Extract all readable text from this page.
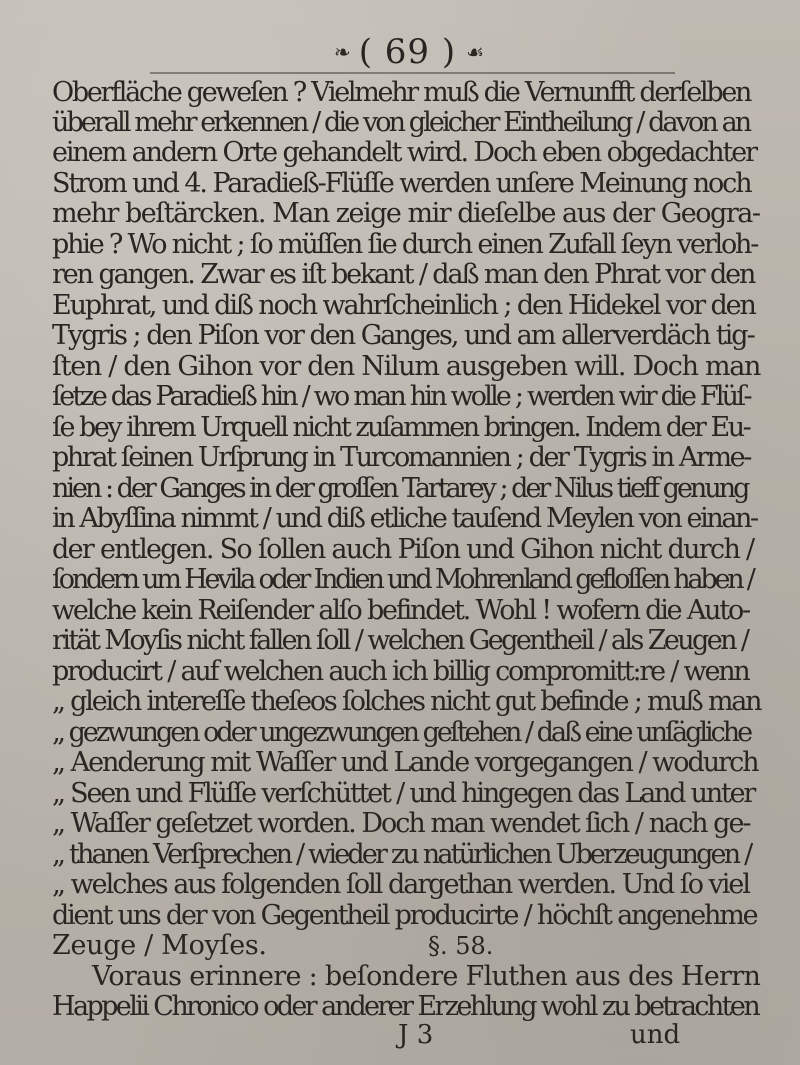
❧ ( 69 ) ☙
Oberfläche geweſen ? Vielmehr muß die Vernunfft derſelben
überall mehr erkennen / die von gleicher Eintheilung / davon an
einem andern Orte gehandelt wird. Doch eben obgedachter
Strom und 4. Paradieß-Flüſſe werden unſere Meinung noch
mehr beſtärcken. Man zeige mir dieſelbe aus der Geogra-
phie ? Wo nicht ; ſo müſſen ſie durch einen Zufall ſeyn verloh-
ren gangen. Zwar es iſt bekant / daß man den Phrat vor den
Euphrat, und diß noch wahrſcheinlich ; den Hidekel vor den
Tygris ; den Piſon vor den Ganges, und am allerverdäch tig-
ſten / den Gihon vor den Nilum ausgeben will. Doch man
ſetze das Paradieß hin / wo man hin wolle ; werden wir die Flüſ-
ſe bey ihrem Urquell nicht zuſammen bringen. Indem der Eu-
phrat ſeinen Urſprung in Turcomannien ; der Tygris in Arme-
nien : der Ganges in der groſſen Tartarey ; der Nilus tieff genung
in Abyſſina nimmt / und diß etliche tauſend Meylen von einan-
der entlegen. So ſollen auch Piſon und Gihon nicht durch /
ſondern um Hevila oder Indien und Mohrenland gefloſſen haben /
welche kein Reiſender alſo befindet. Wohl ! wofern die Auto-
rität Moyſis nicht fallen ſoll / welchen Gegentheil / als Zeugen /
producirt / auf welchen auch ich billig compromitt:re / wenn
„ gleich intereſſe theſeos ſolches nicht gut befinde ; muß man
„ gezwungen oder ungezwungen geſtehen / daß eine unſägliche
„ Aenderung mit Waſſer und Lande vorgegangen / wodurch
„ Seen und Flüſſe verſchüttet / und hingegen das Land unter
„ Waſſer geſetzet worden. Doch man wendet ſich / nach ge-
„ thanen Verſprechen / wieder zu natürlichen Uberzeugungen /
„ welches aus folgenden ſoll dargethan werden. Und ſo viel
dient uns der von Gegentheil producirte / höchſt angenehme
Zeuge / Moyſes.
Voraus erinnere : beſondere Fluthen aus des Herrn
Happelii Chronico oder anderer Erzehlung wohl zu betrachten
§. 58.
J 3	und
